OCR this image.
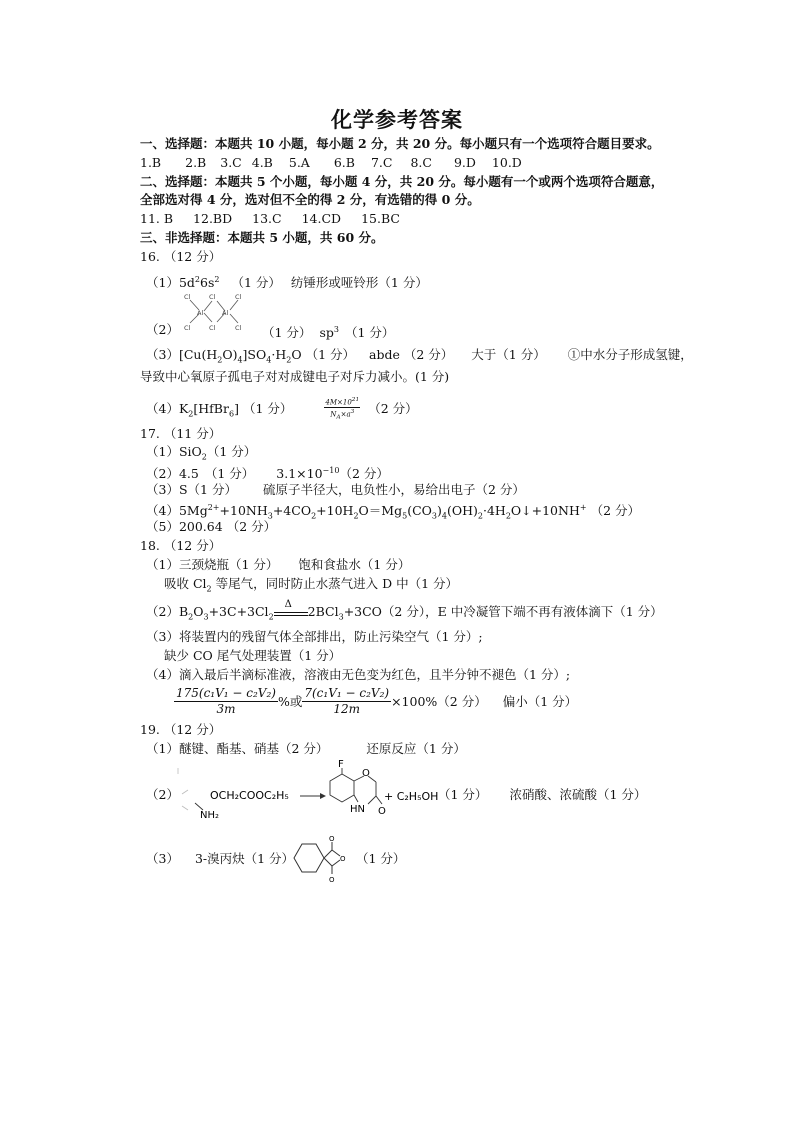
化学参考答案
一、选择题：本题共 10 小题，每小题 2 分，共 20 分。每小题只有一个选项符合题目要求。
1.B 2.B 3.C 4.B 5.A 6.B 7.C 8.C 9.D 10.D
二、选择题：本题共 5 个小题，每小题 4 分，共 20 分。每小题有一个或两个选项符合题意，
全部选对得 4 分，选对但不全的得 2 分，有选错的得 0 分。
11. B 12.BD 13.C 14.CD 15.BC
三、非选择题：本题共 5 小题，共 60 分。
16. （12 分）
$(1)5d^26s^2$ （1 分） 纺锤形或哑铃形（1 分）
Cl	Cl	Cl
Al	Al
Cl	Cl	Cl
（2）	（1 分） $sp^3$ （1 分）
$(3)[Cu(H_2O)_4]SO_4\cdot H_2O$ （1 分） abde （2 分） 大于（1 分） ①中水分子形成氢键，
导致中心氧原子孤电子对对成键电子对斥力减小。(1 分)
$(4)K_2[HfBr_6]$ （1 分）	$\frac{4M\times 10^{21}}{N_A\times a^3} (2$ 分）
17. （11 分）
（1）SiO$_2$（1 分）
（2）4.5 （1 分） $3.1\times 10^{-10}(2$ 分）
（3）S（1 分） 硫原子半径大，电负性小，易给出电子（2 分）
$(4)5Mg^{2+}+10NH_3+4CO_2+10H_2O=Mg_5(CO_3)_4(OH)_2\cdot 4H_2O↓+10NH^+$ （2 分）
（5）200.64 （2 分）
18. （12 分）
（1）三颈烧瓶（1 分） 饱和食盐水（1 分）
吸收 $Cl_2$ 等尾气，同时防止水蒸气进入 D 中（1 分）
$(2)B_2O_3+3C+3Cl_2$
Δ 2BCl$_3$+3CO（2 分），E 中冷凝管下端不再有液体滴下（1 分）
（3）将装置内的残留气体全部排出，防止污染空气（1 分）;
缺少 CO 尾气处理装置（1 分）
（4）滴入最后半滴标准液，溶液由无色变为红色，且半分钟不褪色（1 分）;
$\frac{\text{175(c₁V₁ − c₂V₂)}}{3m}$ %或 $\frac{\text{7(c₁V₁ − c₂V₂)}}{12m} \times 100\%(2$ 分） 偏小（1 分）
19. （12 分）
（1）醚键、酯基、硝基（2 分）	还原反应（1 分）
（2）	OCH₂COOC₂H₅
NH₂
F
O
HN O
+ C₂H₅OH （1 分） 浓硝酸、浓硫酸（1 分）
（3） 3-溴丙炔（1 分）
O
O
O
（1 分）
